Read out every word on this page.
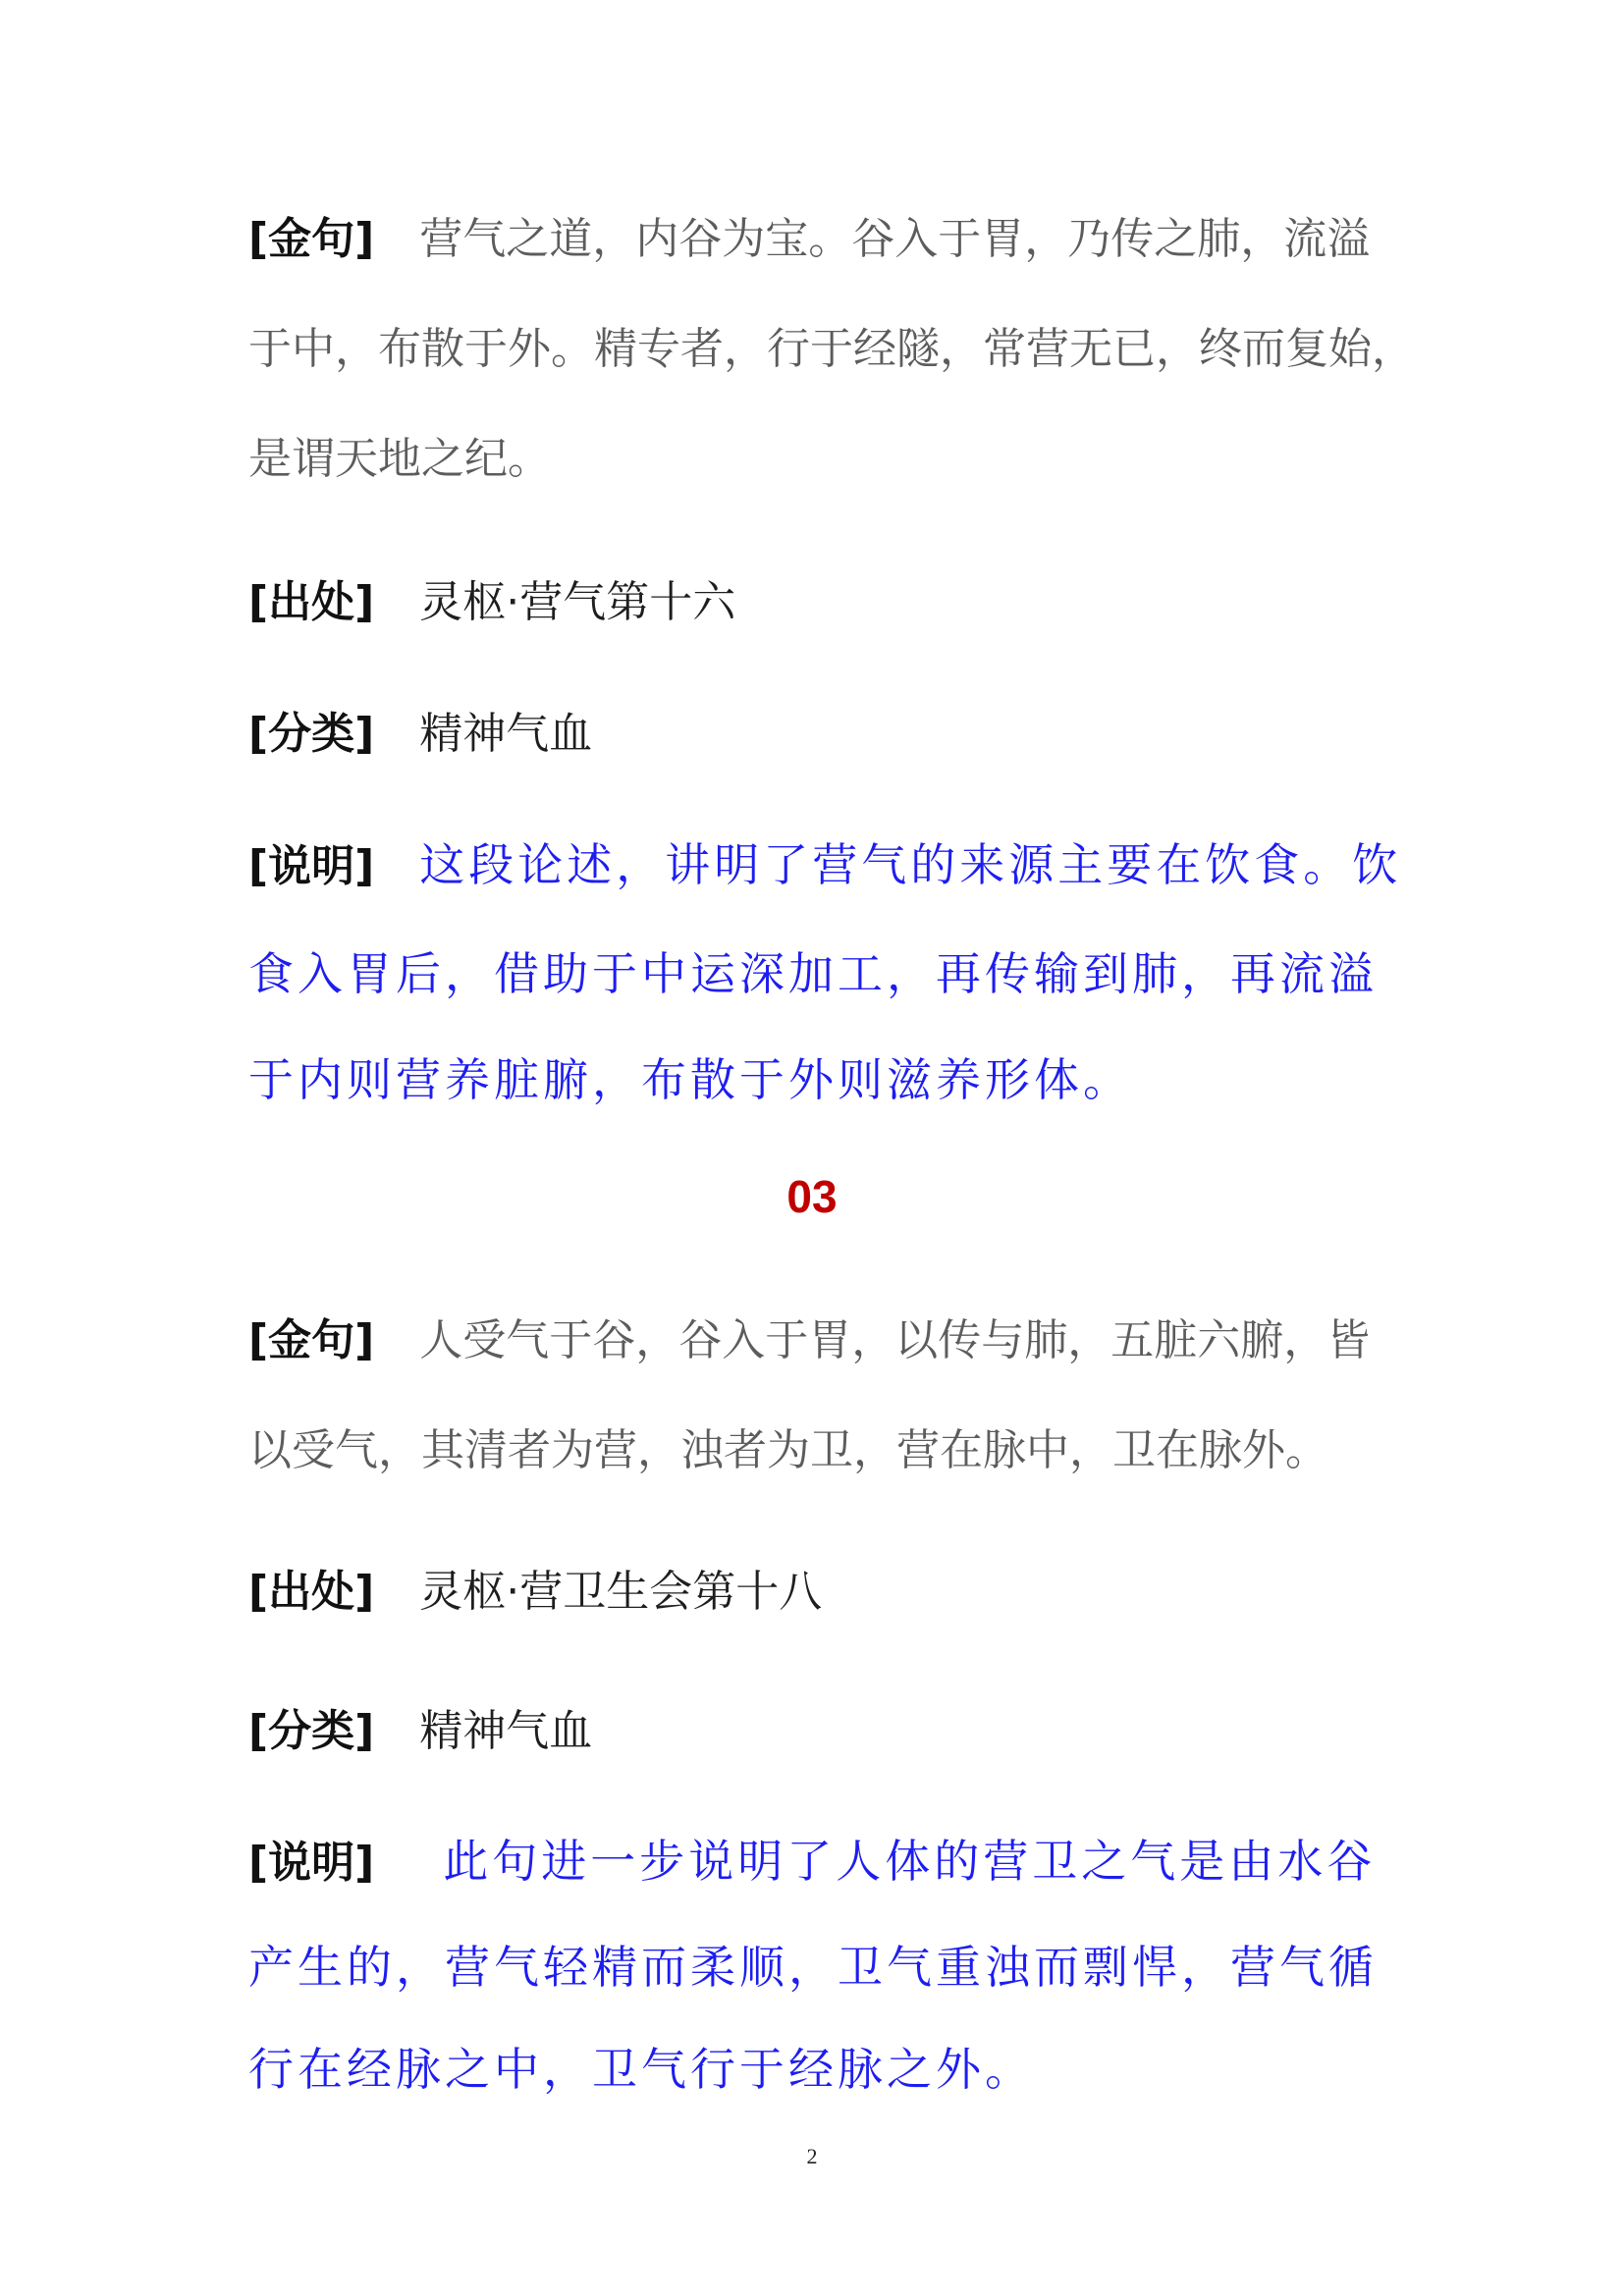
[金句] 营气之道，内谷为宝。谷入于胃，乃传之肺，流溢
于中，布散于外。精专者，行于经隧，常营无已，终而复始，
是谓天地之纪。
[出处] 灵枢·营气第十六
[分类] 精神气血
[说明] 这段论述，讲明了营气的来源主要在饮食。饮
食入胃后，借助于中运深加工，再传输到肺，再流溢
于内则营养脏腑，布散于外则滋养形体。
03
[金句] 人受气于谷，谷入于胃，以传与肺，五脏六腑，皆
以受气，其清者为营，浊者为卫，营在脉中，卫在脉外。
[出处] 灵枢·营卫生会第十八
[分类] 精神气血
[说明] 此句进一步说明了人体的营卫之气是由水谷
产生的，营气轻精而柔顺，卫气重浊而剽悍，营气循
行在经脉之中，卫气行于经脉之外。
2
